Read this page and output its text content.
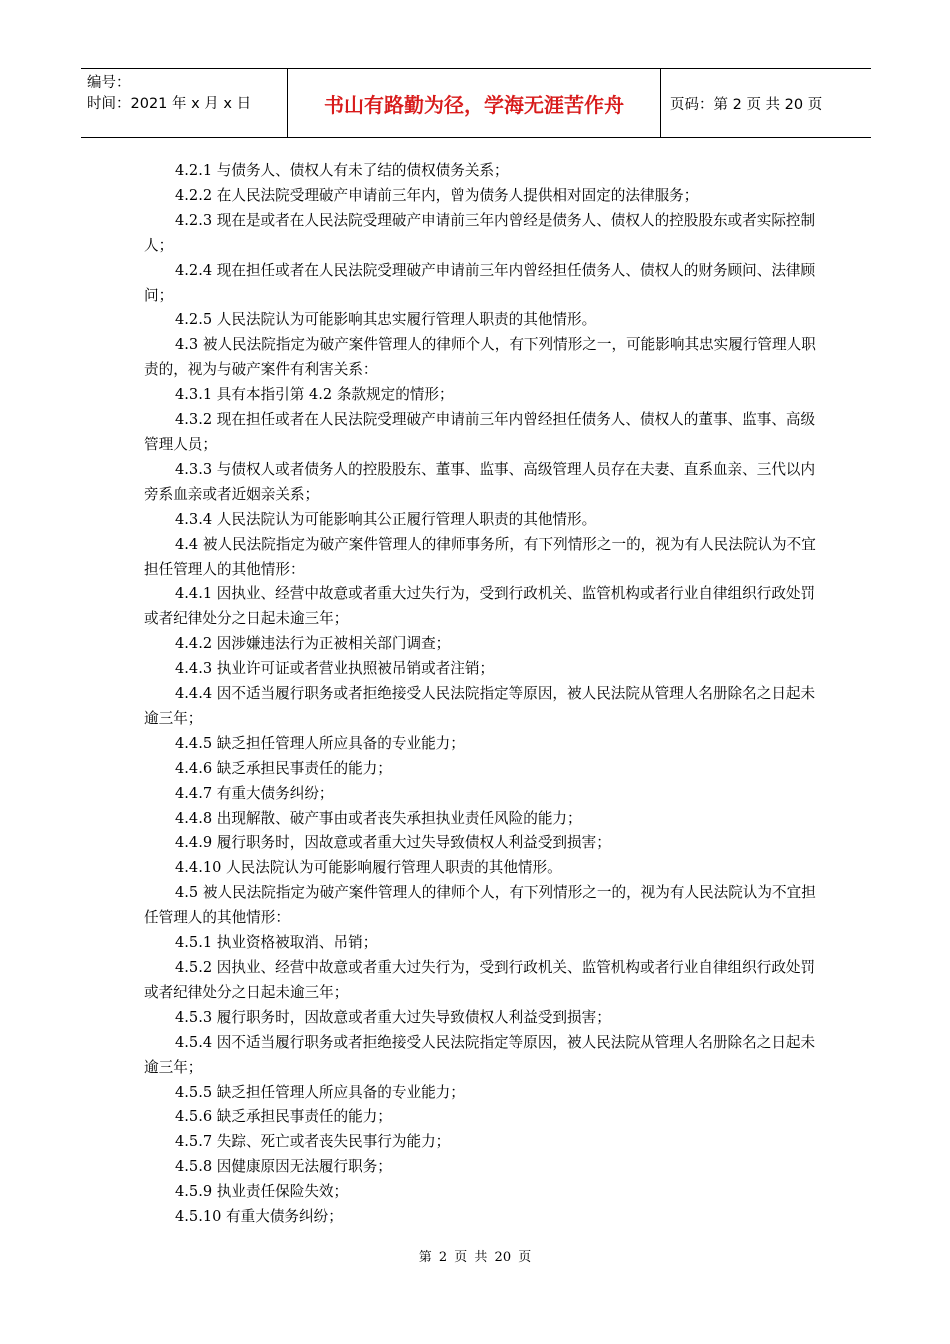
编号：
时间：2021 年 x 月 x 日	书山有路勤为径，学海无涯苦作舟	页码：第 2 页 共 20 页

4.2.1 与债务人、债权人有未了结的债权债务关系；

4.2.2 在人民法院受理破产申请前三年内，曾为债务人提供相对固定的法律服务；

4.2.3 现在是或者在人民法院受理破产申请前三年内曾经是债务人、债权人的控股股东或者实际控制人；

4.2.4 现在担任或者在人民法院受理破产申请前三年内曾经担任债务人、债权人的财务顾问、法律顾问；

4.2.5 人民法院认为可能影响其忠实履行管理人职责的其他情形。

4.3 被人民法院指定为破产案件管理人的律师个人，有下列情形之一，可能影响其忠实履行管理人职责的，视为与破产案件有利害关系：

4.3.1 具有本指引第 4.2 条款规定的情形；

4.3.2 现在担任或者在人民法院受理破产申请前三年内曾经担任债务人、债权人的董事、监事、高级管理人员；

4.3.3 与债权人或者债务人的控股股东、董事、监事、高级管理人员存在夫妻、直系血亲、三代以内旁系血亲或者近姻亲关系；

4.3.4 人民法院认为可能影响其公正履行管理人职责的其他情形。

4.4 被人民法院指定为破产案件管理人的律师事务所，有下列情形之一的，视为有人民法院认为不宜担任管理人的其他情形：

4.4.1 因执业、经营中故意或者重大过失行为，受到行政机关、监管机构或者行业自律组织行政处罚或者纪律处分之日起未逾三年；

4.4.2 因涉嫌违法行为正被相关部门调查；

4.4.3 执业许可证或者营业执照被吊销或者注销；

4.4.4 因不适当履行职务或者拒绝接受人民法院指定等原因，被人民法院从管理人名册除名之日起未逾三年；

4.4.5 缺乏担任管理人所应具备的专业能力；

4.4.6 缺乏承担民事责任的能力；

4.4.7 有重大债务纠纷；

4.4.8 出现解散、破产事由或者丧失承担执业责任风险的能力；

4.4.9 履行职务时，因故意或者重大过失导致债权人利益受到损害；

4.4.10 人民法院认为可能影响履行管理人职责的其他情形。

4.5 被人民法院指定为破产案件管理人的律师个人，有下列情形之一的，视为有人民法院认为不宜担任管理人的其他情形：

4.5.1 执业资格被取消、吊销；

4.5.2 因执业、经营中故意或者重大过失行为，受到行政机关、监管机构或者行业自律组织行政处罚或者纪律处分之日起未逾三年；

4.5.3 履行职务时，因故意或者重大过失导致债权人利益受到损害；

4.5.4 因不适当履行职务或者拒绝接受人民法院指定等原因，被人民法院从管理人名册除名之日起未逾三年；

4.5.5 缺乏担任管理人所应具备的专业能力；

4.5.6 缺乏承担民事责任的能力；

4.5.7 失踪、死亡或者丧失民事行为能力；

4.5.8 因健康原因无法履行职务；

4.5.9 执业责任保险失效；

4.5.10 有重大债务纠纷；

第 2 页 共 20 页
